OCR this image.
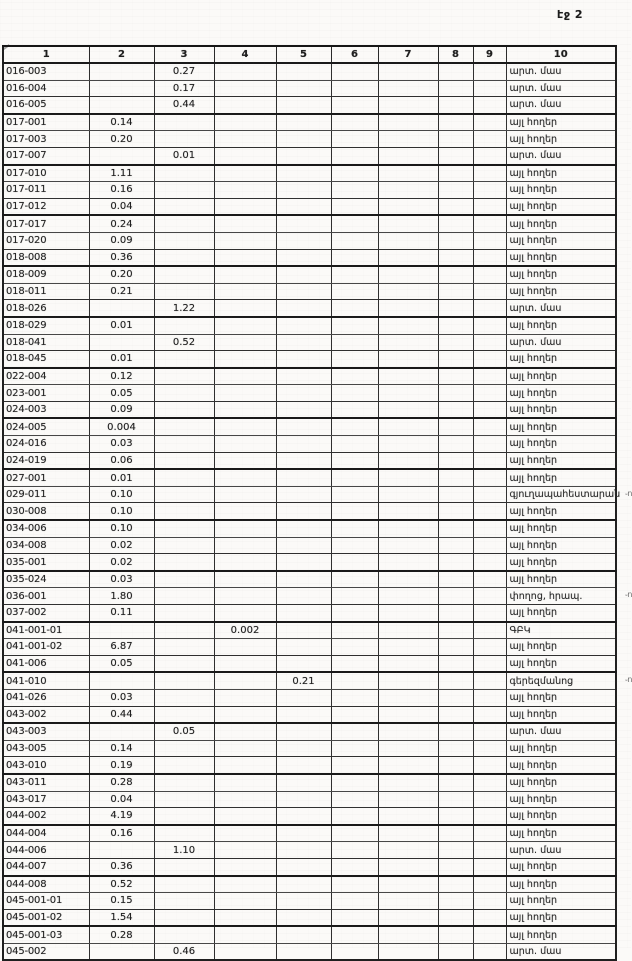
էջ 2
1	2	3	4	5	6	7	8	9	10
016-003		0.27							արտ. մաս
016-004		0.17							արտ. մաս
016-005		0.44							արտ. մաս
017-001	0.14								այլ հողեր
017-003	0.20								այլ հողեր
017-007		0.01							արտ. մաս
017-010	1.11								այլ հողեր
017-011	0.16								այլ հողեր
017-012	0.04								այլ հողեր
017-017	0.24								այլ հողեր
017-020	0.09								այլ հողեր
018-008	0.36								այլ հողեր
018-009	0.20								այլ հողեր
018-011	0.21								այլ հողեր
018-026		1.22							արտ. մաս
018-029	0.01								այլ հողեր
018-041		0.52							արտ. մաս
018-045	0.01								այլ հողեր
022-004	0.12								այլ հողեր
023-001	0.05								այլ հողեր
024-003	0.09								այլ հողեր
024-005	0.004								այլ հողեր
024-016	0.03								այլ հողեր
024-019	0.06								այլ հողեր
027-001	0.01								այլ հողեր
029-011	0.10								գյուղապահեստարան ֊ո

030-008	0.10								այլ հողեր
034-006	0.10								այլ հողեր
034-008	0.02								այլ հողեր
035-001	0.02								այլ հողեր
035-024	0.03								այլ հողեր
036-001	1.80								փողոց, հրապ. ֊ո

037-002	0.11								այլ հողեր
041-001-01			0.002						ԳԲԿ
041-001-02	6.87								այլ հողեր
041-006	0.05								այլ հողեր
041-010				0.21					գերեզմանոց ֊ո

041-026	0.03								այլ հողեր
043-002	0.44								այլ հողեր
043-003		0.05							արտ. մաս
043-005	0.14								այլ հողեր
043-010	0.19								այլ հողեր
043-011	0.28								այլ հողեր
043-017	0.04								այլ հողեր
044-002	4.19								այլ հողեր
044-004	0.16								այլ հողեր
044-006		1.10							արտ. մաս
044-007	0.36								այլ հողեր
044-008	0.52								այլ հողեր
045-001-01	0.15								այլ հողեր
045-001-02	1.54								այլ հողեր
045-001-03	0.28								այլ հողեր
045-002		0.46							արտ. մաս
